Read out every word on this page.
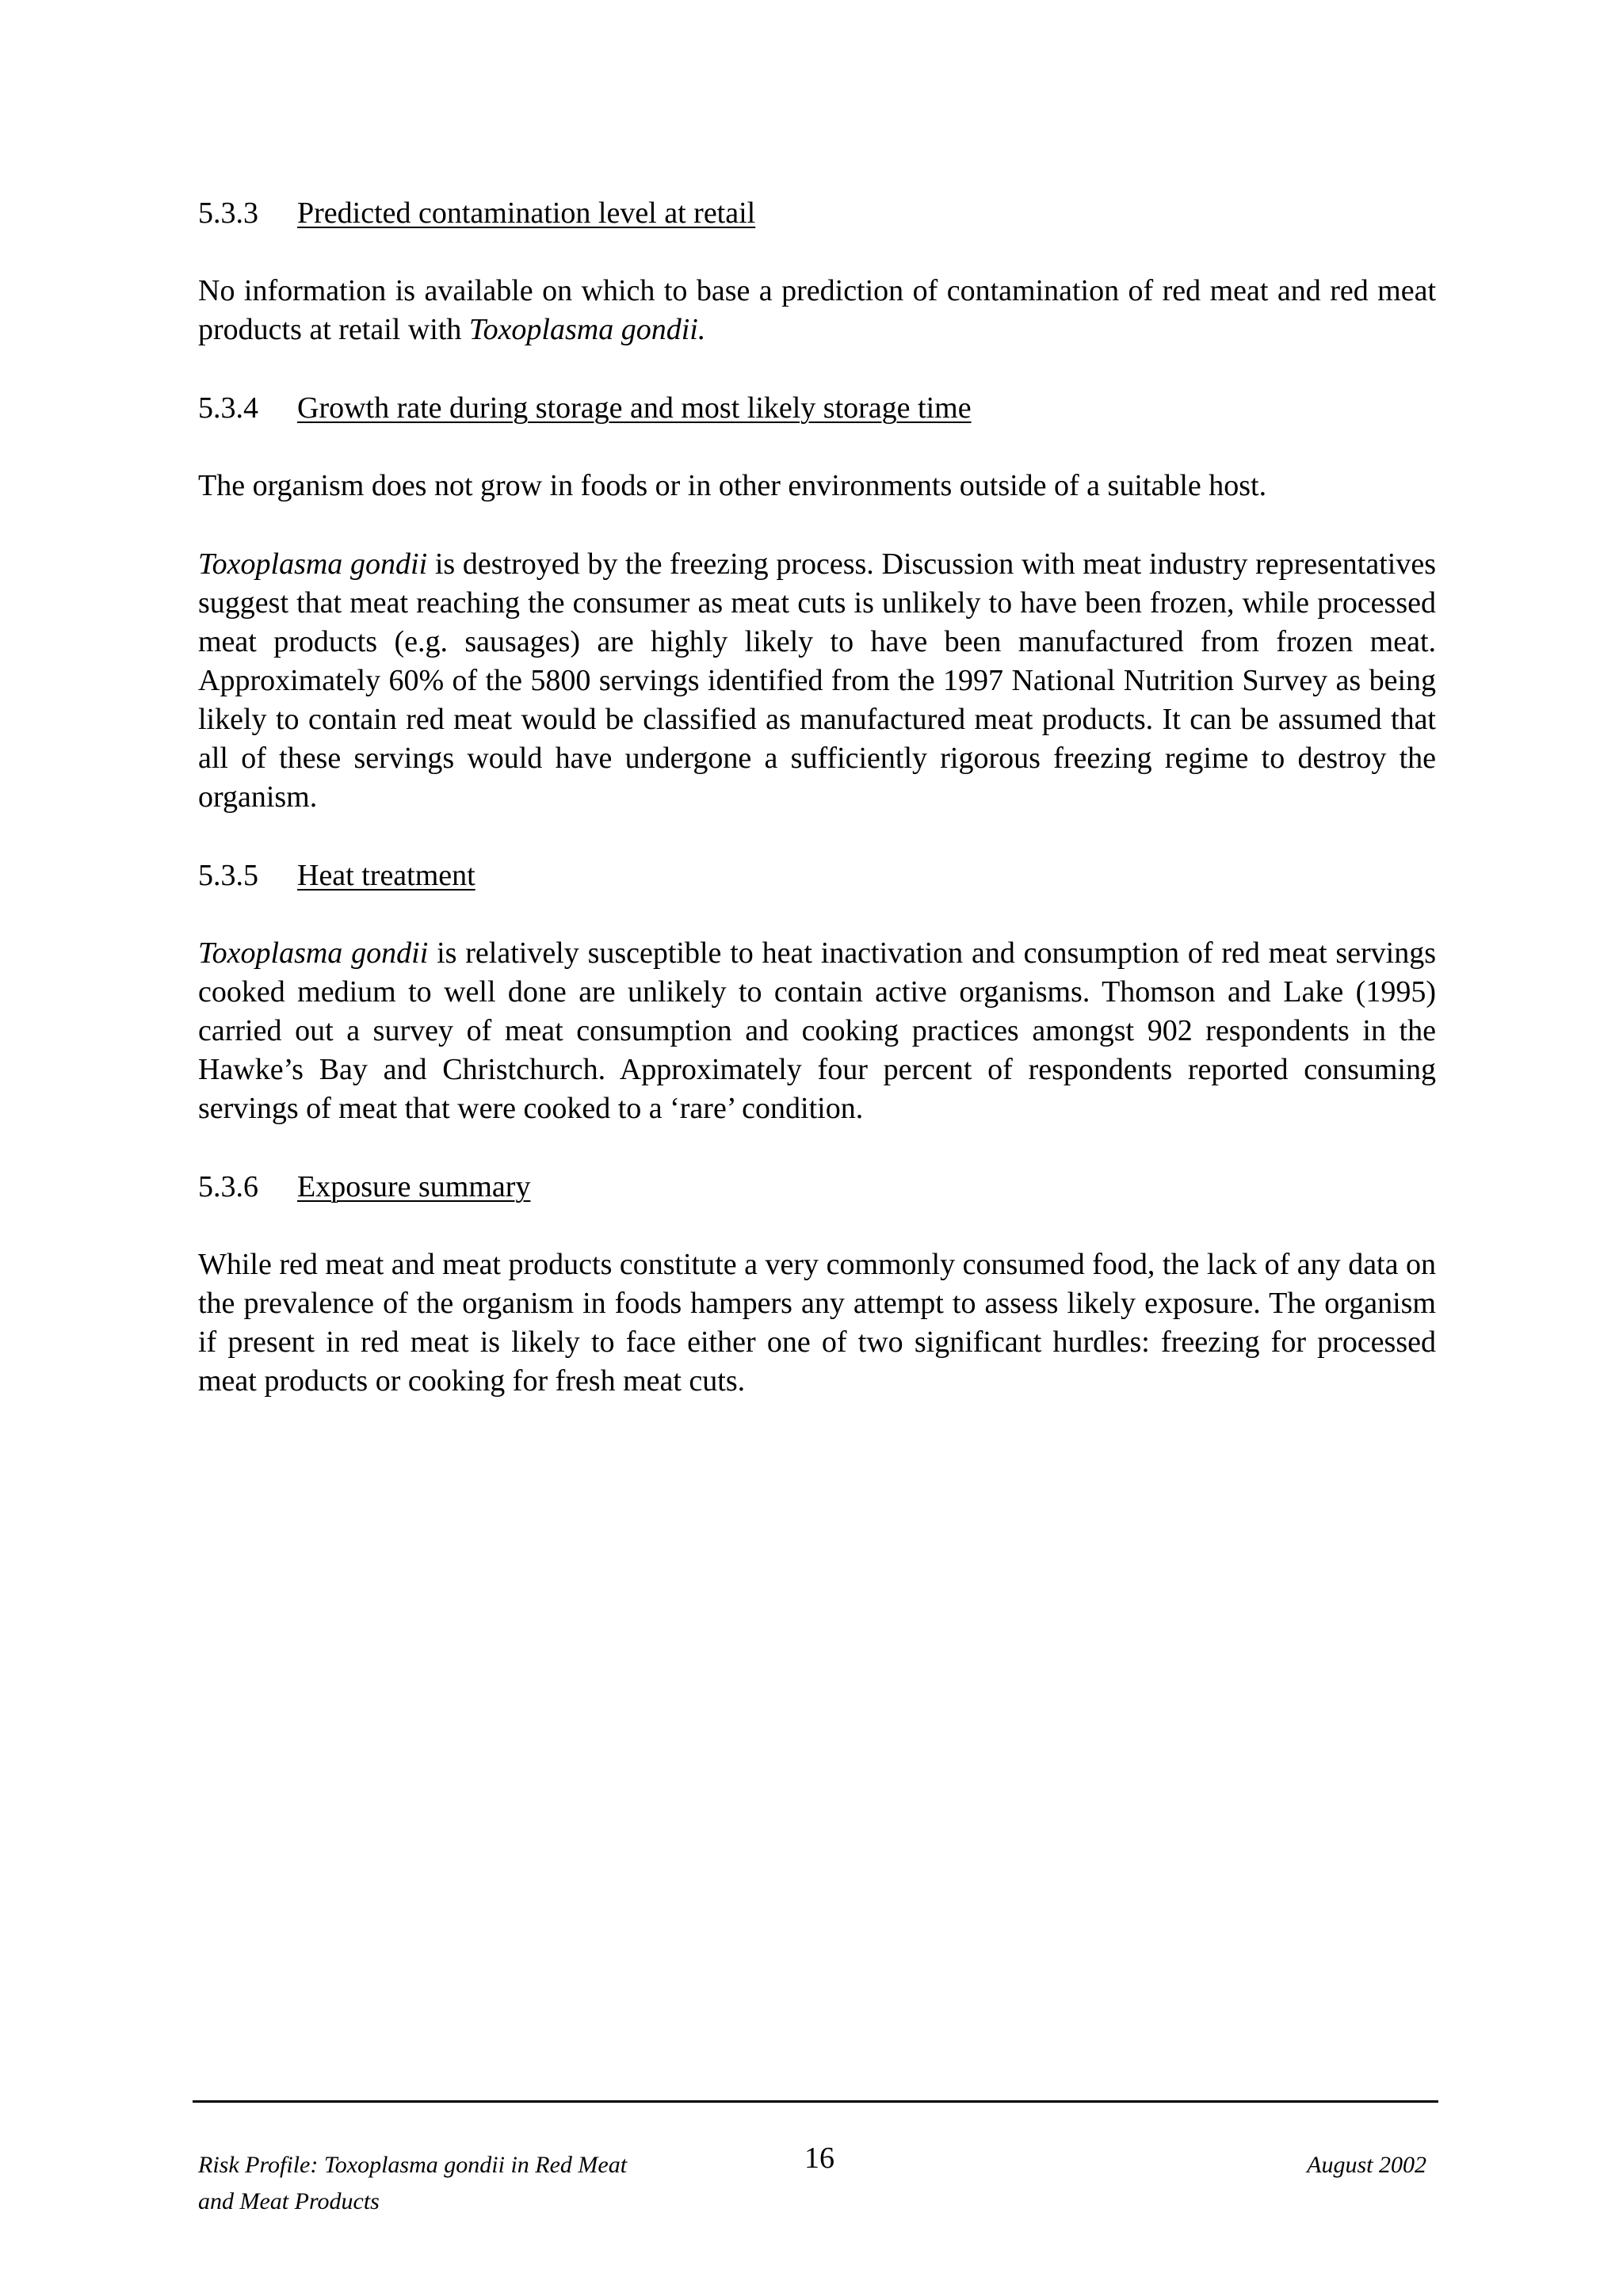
5.3.3 Predicted contamination level at retail

No information is available on which to base a prediction of contamination of red meat and red meat products at retail with Toxoplasma gondii.

5.3.4 Growth rate during storage and most likely storage time

The organism does not grow in foods or in other environments outside of a suitable host.

Toxoplasma gondii is destroyed by the freezing process. Discussion with meat industry representatives suggest that meat reaching the consumer as meat cuts is unlikely to have been frozen, while processed meat products (e.g. sausages) are highly likely to have been manufactured from frozen meat. Approximately 60% of the 5800 servings identified from the 1997 National Nutrition Survey as being likely to contain red meat would be classified as manufactured meat products. It can be assumed that all of these servings would have undergone a sufficiently rigorous freezing regime to destroy the organism.

5.3.5 Heat treatment

Toxoplasma gondii is relatively susceptible to heat inactivation and consumption of red meat servings cooked medium to well done are unlikely to contain active organisms. Thomson and Lake (1995) carried out a survey of meat consumption and cooking practices amongst 902 respondents in the Hawke’s Bay and Christchurch. Approximately four percent of respondents reported consuming servings of meat that were cooked to a ‘rare’ condition.

5.3.6 Exposure summary

While red meat and meat products constitute a very commonly consumed food, the lack of any data on the prevalence of the organism in foods hampers any attempt to assess likely exposure. The organism if present in red meat is likely to face either one of two significant hurdles: freezing for processed meat products or cooking for fresh meat cuts.

Risk Profile: Toxoplasma gondii in Red Meat
and Meat Products
16	August 2002
